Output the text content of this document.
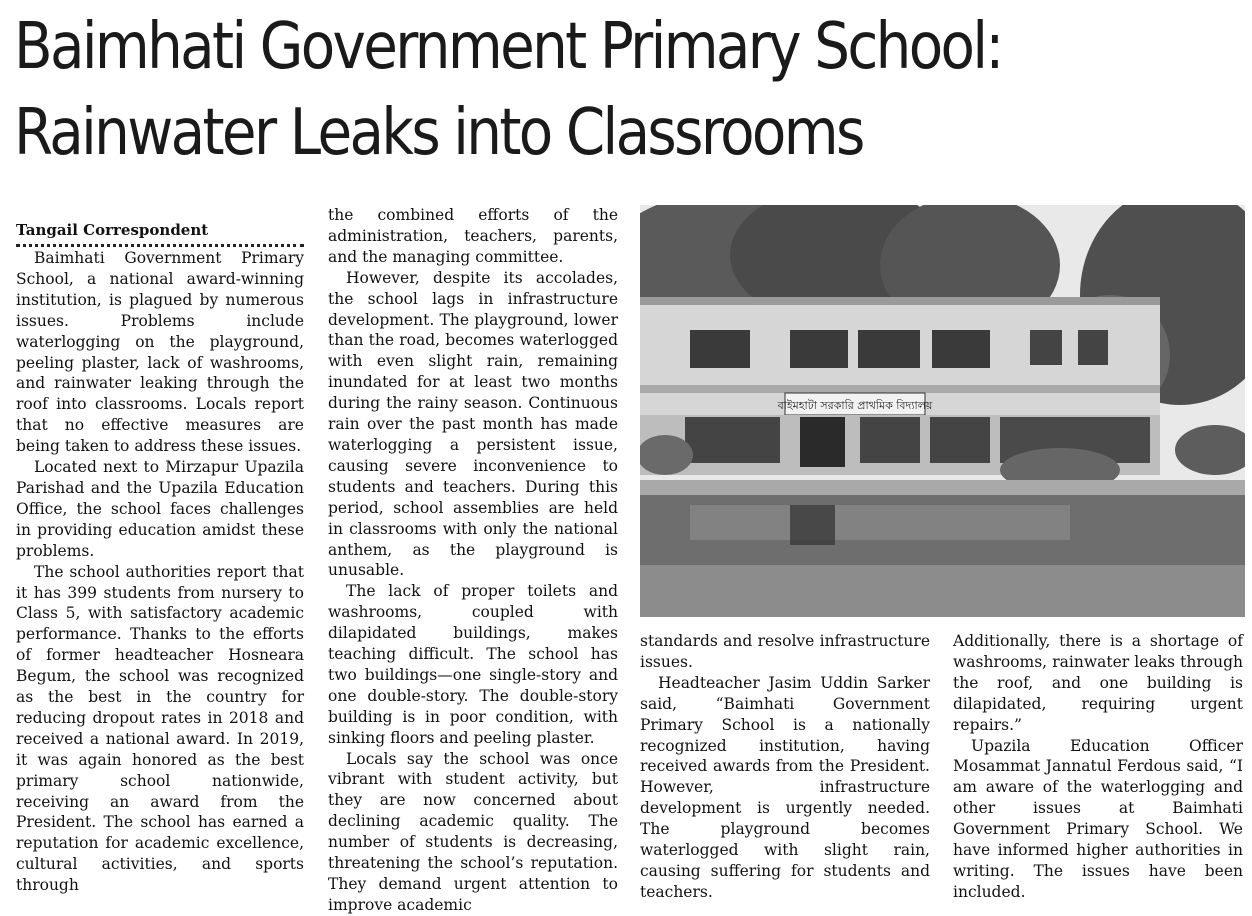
Baimhati Government Primary School:
Rainwater Leaks into Classrooms
Tangail Correspondent

Baimhati Government Primary School, a national award-winning institution, is plagued by numerous issues. Problems include waterlogging on the playground, peeling plaster, lack of washrooms, and rainwater leaking through the roof into classrooms. Locals report that no effective measures are being taken to address these issues.

Located next to Mirzapur Upazila Parishad and the Upazila Education Office, the school faces challenges in providing education amidst these problems.

The school authorities report that it has 399 students from nursery to Class 5, with satisfactory academic performance. Thanks to the efforts of former headteacher Hosneara Begum, the school was recognized as the best in the country for reducing dropout rates in 2018 and received a national award. In 2019, it was again honored as the best primary school nationwide, receiving an award from the President. The school has earned a reputation for academic excellence, cultural activities, and sports through

the combined efforts of the administration, teachers, parents, and the managing committee.

However, despite its accolades, the school lags in infrastructure development. The playground, lower than the road, becomes waterlogged with even slight rain, remaining inundated for at least two months during the rainy season. Continuous rain over the past month has made waterlogging a persistent issue, causing severe inconvenience to students and teachers. During this period, school assemblies are held in classrooms with only the national anthem, as the playground is unusable.

The lack of proper toilets and washrooms, coupled with dilapidated buildings, makes teaching difficult. The school has two buildings—one single-story and one double-story. The double-story building is in poor condition, with sinking floors and peeling plaster.

Locals say the school was once vibrant with student activity, but they are now concerned about declining academic quality. The number of students is decreasing, threatening the school’s reputation. They demand urgent attention to improve academic

বাইমহাটা সরকারি প্রাথমিক বিদ্যালয়

standards and resolve infrastructure issues.

Headteacher Jasim Uddin Sarker said, “Baimhati Government Primary School is a nationally recognized institution, having received awards from the President. However, infrastructure development is urgently needed. The playground becomes waterlogged with slight rain, causing suffering for students and teachers.

Additionally, there is a shortage of washrooms, rainwater leaks through the roof, and one building is dilapidated, requiring urgent repairs.”

Upazila Education Officer Mosammat Jannatul Ferdous said, “I am aware of the waterlogging and other issues at Baimhati Government Primary School. We have informed higher authorities in writing. The issues have been included.
